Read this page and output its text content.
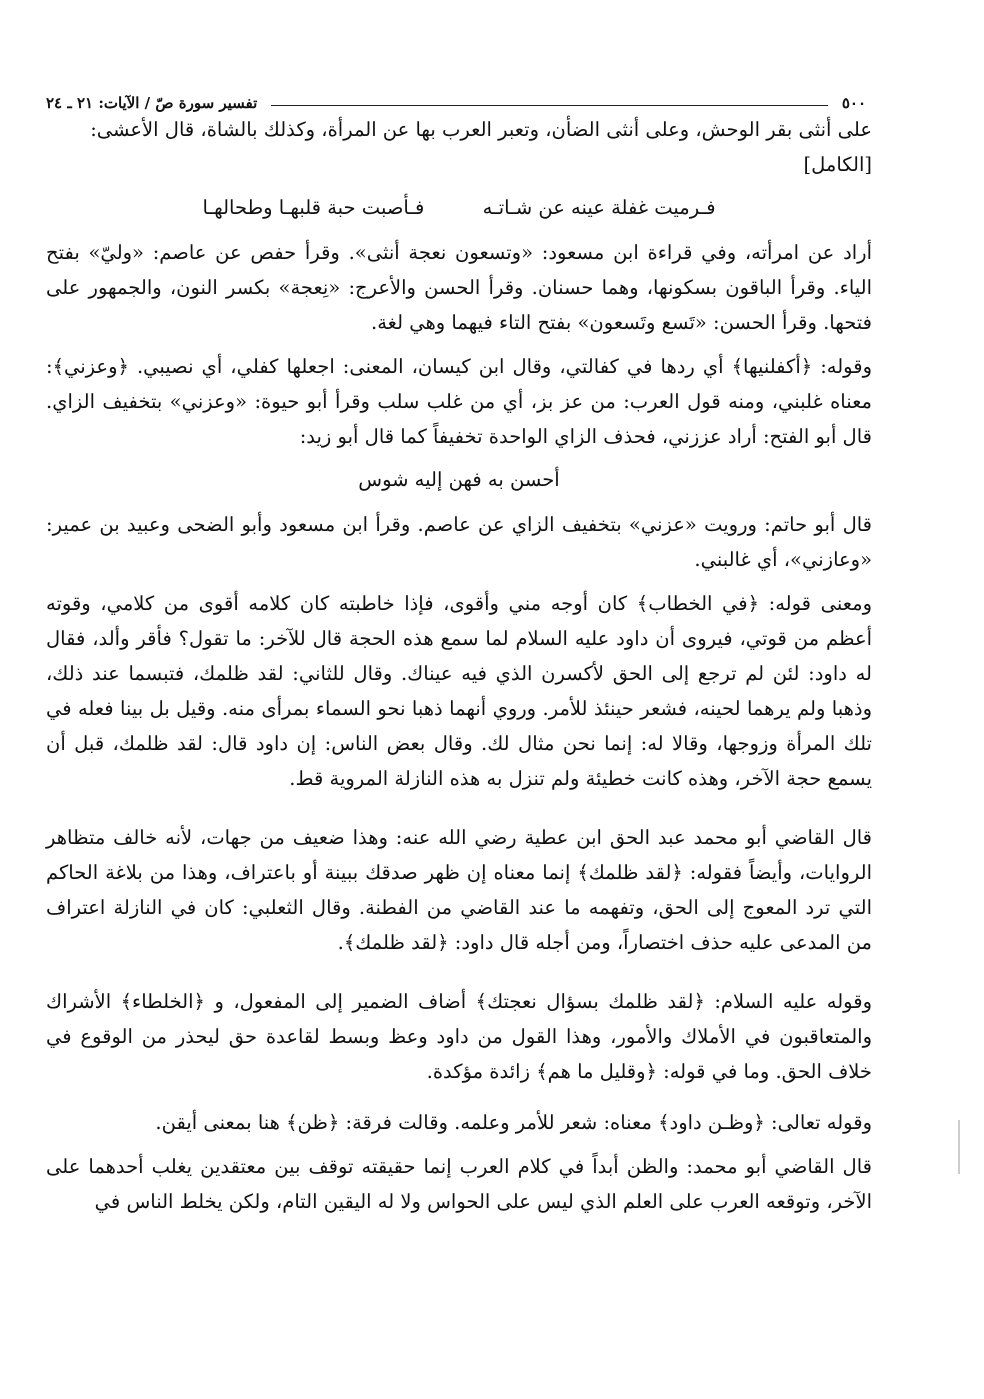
٥٠٠
تفسير سورة صّ / الآيات: ٢١ ـ ٢٤

على أنثى بقر الوحش، وعلى أنثى الضأن، وتعبر العرب بها عن المرأة، وكذلك بالشاة، قال الأعشى:

[الكامل]
فـرميت غفلة عينه عن شـاتـه فـأصبت حبة قلبهـا وطحالهـا

أراد عن امرأته، وفي قراءة ابن مسعود: «وتسعون نعجة أنثى». وقرأ حفص عن عاصم: «وليّ» بفتح الياء. وقرأ الباقون بسكونها، وهما حسنان. وقرأ الحسن والأعرج: «نِعجة» بكسر النون، والجمهور على فتحها. وقرأ الحسن: «تَسع وتَسعون» بفتح التاء فيهما وهي لغة.

وقوله: ﴿أكفلنيها﴾ أي ردها في كفالتي، وقال ابن كيسان، المعنى: اجعلها كفلي، أي نصيبي. ﴿وعزني﴾: معناه غلبني، ومنه قول العرب: من عز بز، أي من غلب سلب وقرأ أبو حيوة: «وعزني» بتخفيف الزاي. قال أبو الفتح: أراد عززني، فحذف الزاي الواحدة تخفيفاً كما قال أبو زيد:

أحسن به فهن إليه شوس

قال أبو حاتم: ورويت «عزني» بتخفيف الزاي عن عاصم. وقرأ ابن مسعود وأبو الضحى وعبيد بن عمير: «وعازني»، أي غالبني.

ومعنى قوله: ﴿في الخطاب﴾ كان أوجه مني وأقوى، فإذا خاطبته كان كلامه أقوى من كلامي، وقوته أعظم من قوتي، فيروى أن داود عليه السلام لما سمع هذه الحجة قال للآخر: ما تقول؟ فأقر وألد، فقال له داود: لئن لم ترجع إلى الحق لأكسرن الذي فيه عيناك. وقال للثاني: لقد ظلمك، فتبسما عند ذلك، وذهبا ولم يرهما لحينه، فشعر حينئذ للأمر. وروي أنهما ذهبا نحو السماء بمرأى منه. وقيل بل بينا فعله في تلك المرأة وزوجها، وقالا له: إنما نحن مثال لك. وقال بعض الناس: إن داود قال: لقد ظلمك، قبل أن يسمع حجة الآخر، وهذه كانت خطيئة ولم تنزل به هذه النازلة المروية قط.

قال القاضي أبو محمد عبد الحق ابن عطية رضي الله عنه: وهذا ضعيف من جهات، لأنه خالف متظاهر الروايات، وأيضاً فقوله: ﴿لقد ظلمك﴾ إنما معناه إن ظهر صدقك ببينة أو باعتراف، وهذا من بلاغة الحاكم التي ترد المعوج إلى الحق، وتفهمه ما عند القاضي من الفطنة. وقال الثعلبي: كان في النازلة اعتراف من المدعى عليه حذف اختصاراً، ومن أجله قال داود: ﴿لقد ظلمك﴾.

وقوله عليه السلام: ﴿لقد ظلمك بسؤال نعجتك﴾ أضاف الضمير إلى المفعول، و ﴿الخلطاء﴾ الأشراك والمتعاقبون في الأملاك والأمور، وهذا القول من داود وعظ وبسط لقاعدة حق ليحذر من الوقوع في خلاف الحق. وما في قوله: ﴿وقليل ما هم﴾ زائدة مؤكدة.

وقوله تعالى: ﴿وظـن داود﴾ معناه: شعر للأمر وعلمه. وقالت فرقة: ﴿ظن﴾ هنا بمعنى أيقن.

قال القاضي أبو محمد: والظن أبداً في كلام العرب إنما حقيقته توقف بين معتقدين يغلب أحدهما على الآخر، وتوقعه العرب على العلم الذي ليس على الحواس ولا له اليقين التام، ولكن يخلط الناس في
